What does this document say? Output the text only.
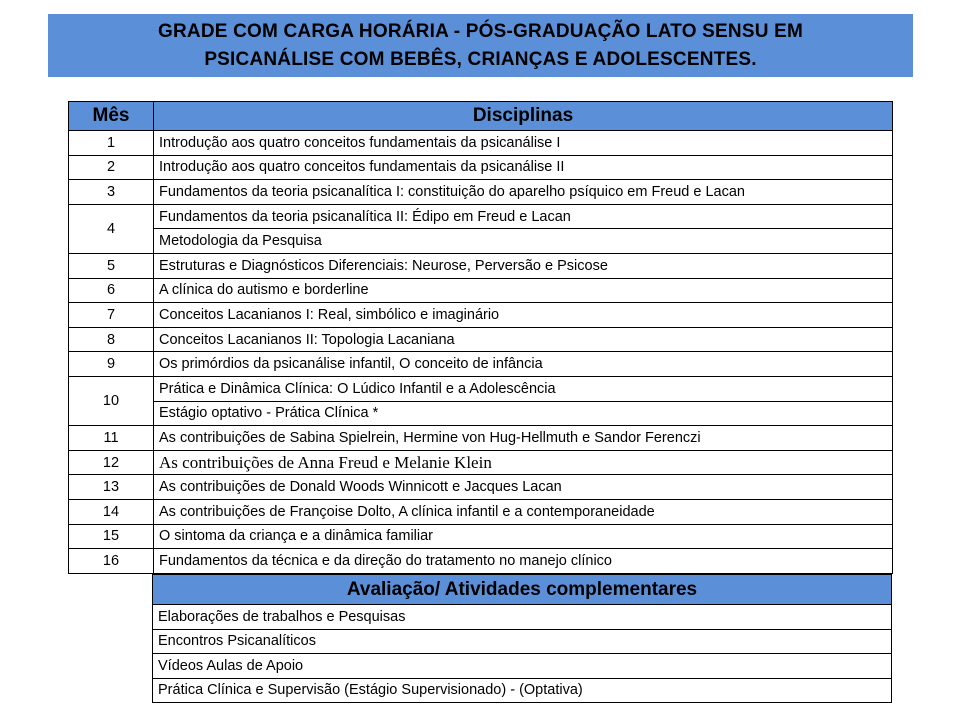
GRADE COM CARGA HORÁRIA - PÓS-GRADUAÇÃO LATO SENSU EM
PSICANÁLISE COM BEBÊS, CRIANÇAS E ADOLESCENTES.
Mês	Disciplinas
1	Introdução aos quatro conceitos fundamentais da psicanálise I
2	Introdução aos quatro conceitos fundamentais da psicanálise II
3	Fundamentos da teoria psicanalítica I: constituição do aparelho psíquico em Freud e Lacan
4	Fundamentos da teoria psicanalítica II: Édipo em Freud e Lacan
	Metodologia da Pesquisa
5	Estruturas e Diagnósticos Diferenciais: Neurose, Perversão e Psicose
6	A clínica do autismo e borderline
7	Conceitos Lacanianos I: Real, simbólico e imaginário
8	Conceitos Lacanianos II: Topologia Lacaniana
9	Os primórdios da psicanálise infantil, O conceito de infância
10	Prática e Dinâmica Clínica: O Lúdico Infantil e a Adolescência
	Estágio optativo - Prática Clínica *
11	As contribuições de Sabina Spielrein, Hermine von Hug-Hellmuth e Sandor Ferenczi
12	As contribuições de Anna Freud e Melanie Klein
13	As contribuições de Donald Woods Winnicott e Jacques Lacan
14	As contribuições de Françoise Dolto, A clínica infantil e a contemporaneidade
15	O sintoma da criança e a dinâmica familiar
16	Fundamentos da técnica e da direção do tratamento no manejo clínico
Avaliação/ Atividades complementares
Elaborações de trabalhos e Pesquisas
Encontros Psicanalíticos
Vídeos Aulas de Apoio
Prática Clínica e Supervisão (Estágio Supervisionado) - (Optativa)
